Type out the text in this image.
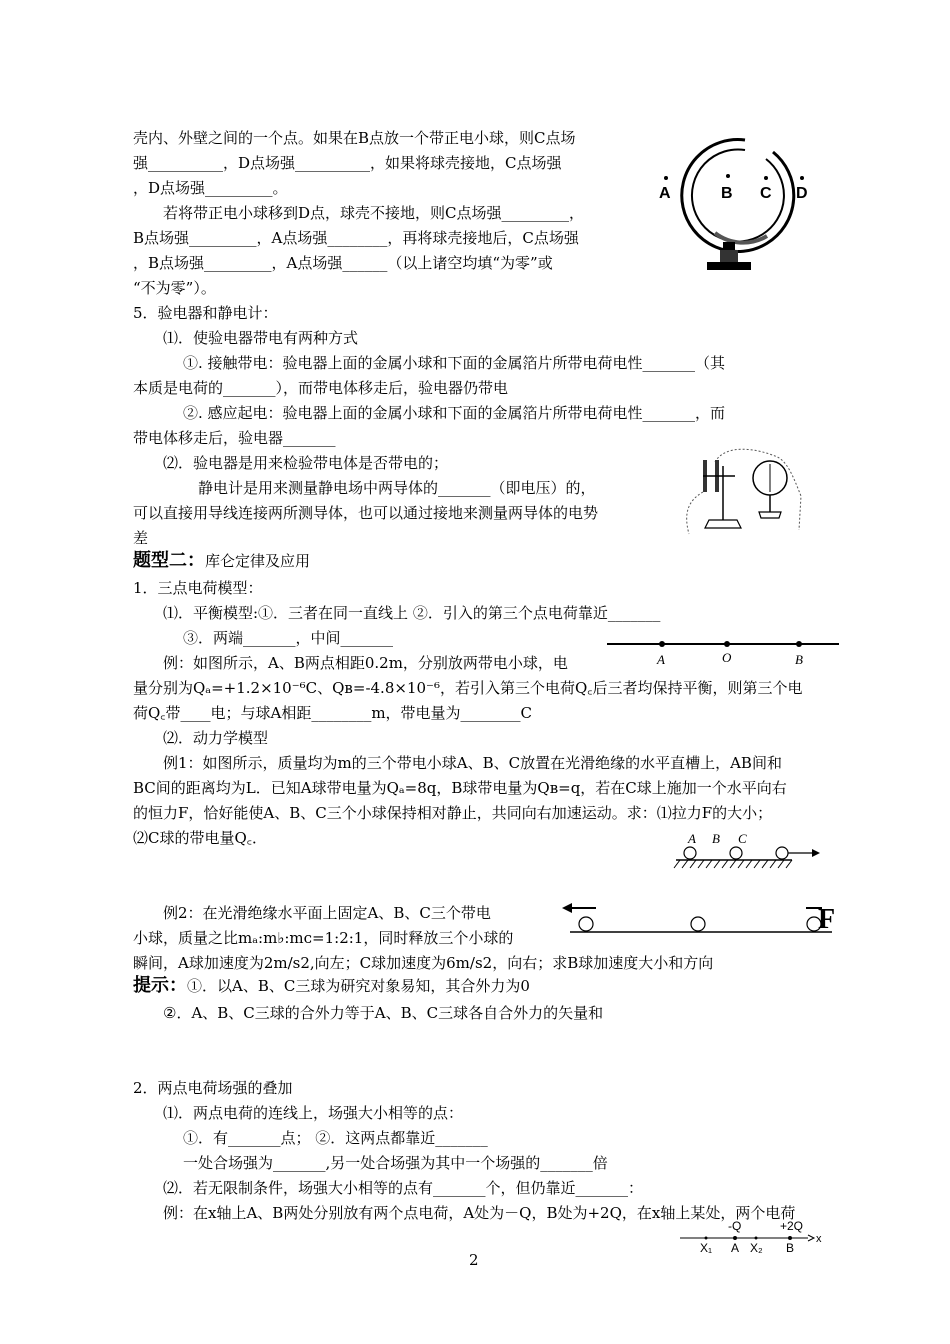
壳内、外壁之间的一个点。如果在B点放一个带正电小球，则C点场
强__________，D点场强__________，如果将球壳接地，C点场强
，D点场强_________。
若将带正电小球移到D点，球壳不接地，则C点场强_________，
B点场强_________，A点场强________，再将球壳接地后，C点场强
，B点场强_________，A点场强______（以上诸空均填“为零”或
“不为零”）。
5．验电器和静电计：
⑴．使验电器带电有两种方式
①. 接触带电：验电器上面的金属小球和下面的金属箔片所带电荷电性_______（其
本质是电荷的_______），而带电体移走后，验电器仍带电
②. 感应起电：验电器上面的金属小球和下面的金属箔片所带电荷电性_______，而
带电体移走后，验电器_______
⑵．验电器是用来检验带电体是否带电的；
静电计是用来测量静电场中两导体的_______（即电压）的，
可以直接用导线连接两所测导体，也可以通过接地来测量两导体的电势
差
题型二：库仑定律及应用
1．三点电荷模型：
⑴．平衡模型:①．三者在同一直线上 ②．引入的第三个点电荷靠近_______
③．两端_______，中间_______
例：如图所示，A、B两点相距0.2m，分别放两带电小球，电
量分别为Qₐ=+1.2×10⁻⁶C、Qʙ=-4.8×10⁻⁶，若引入第三个电荷Q꜀后三者均保持平衡，则第三个电
荷Q꜀带____电；与球A相距________m，带电量为________C
⑵．动力学模型
例1：如图所示，质量均为m的三个带电小球A、B、C放置在光滑绝缘的水平直槽上，AB间和
BC间的距离均为L．已知A球带电量为Qₐ=8q，B球带电量为Qʙ=q，若在C球上施加一个水平向右
的恒力F，恰好能使A、B、C三个小球保持相对静止，共同向右加速运动。求：⑴拉力F的大小；
⑵C球的带电量Q꜀．
例2：在光滑绝缘水平面上固定A、B、C三个带电
小球，质量之比mₐ:m♭:mᴄ=1:2:1，同时释放三个小球的
瞬间，A球加速度为2m/s2,向左；C球加速度为6m/s2，向右；求B球加速度大小和方向
提示：①．以A、B、C三球为研究对象易知，其合外力为0
②．A、B、C三球的合外力等于A、B、C三球各自合外力的矢量和
2．两点电荷场强的叠加
⑴．两点电荷的连线上，场强大小相等的点：
①．有_______点； ②．这两点都靠近_______
一处合场强为_______,另一处合场强为其中一个场强的_______倍
⑵．若无限制条件，场强大小相等的点有_______个，但仍靠近_______：
例：在x轴上A、B两处分别放有两个点电荷，A处为－Q，B处为+2Q，在x轴上某处，两个电荷
2
A	B C D
A	O	B
A B C
F
-Q	+2Q
x
X₁ A X₂ B
